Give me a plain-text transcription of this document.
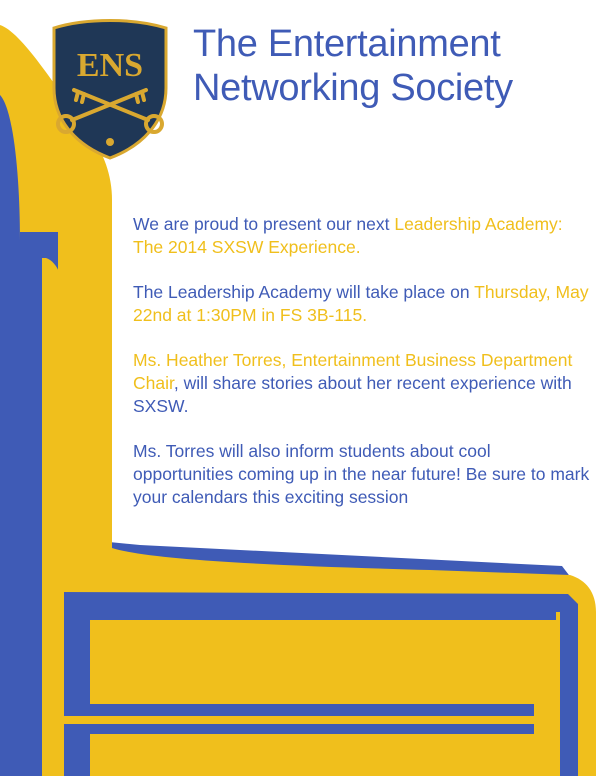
ENS
The Entertainment
Networking Society

We are proud to present our next Leadership Academy: The 2014 SXSW Experience.

The Leadership Academy will take place on Thursday, May 22nd at 1:30PM in FS 3B-115.

Ms. Heather Torres, Entertainment Business Department Chair, will share stories about her recent experience with SXSW.

Ms. Torres will also inform students about cool opportunities coming up in the near future! Be sure to mark your calendars this exciting session
